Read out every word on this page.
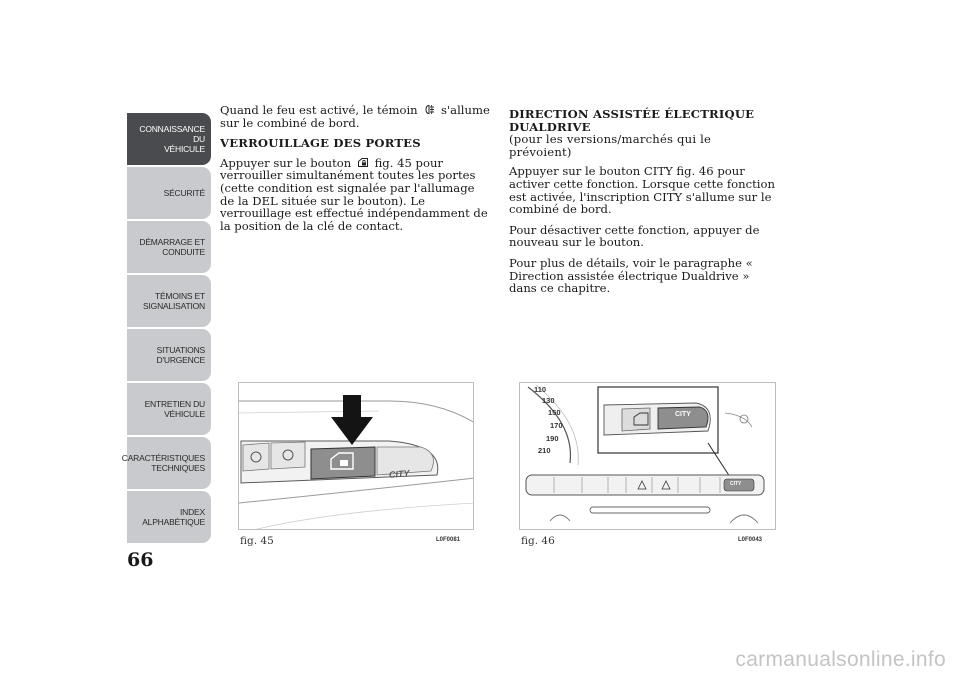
CONNAISSANCE DU
VÉHICULE
SÉCURITÉ
DÉMARRAGE ET
CONDUITE
TÉMOINS ET
SIGNALISATION
SITUATIONS
D'URGENCE
ENTRETIEN DU
VÉHICULE
CARACTÉRISTIQUES
TECHNIQUES
INDEX
ALPHABÉTIQUE
66

Quand le feu est activé, le témoin s'allume sur le combiné de bord.

VERROUILLAGE DES PORTES

Appuyer sur le bouton fig. 45 pour verrouiller simultanément toutes les portes (cette condition est signalée par l'allumage de la DEL située sur le bouton). Le verrouillage est effectué indépendamment de la position de la clé de contact.

DIRECTION ASSISTÉE ÉLECTRIQUE DUALDRIVE
(pour les versions/marchés qui le prévoient)

Appuyer sur le bouton CITY fig. 46 pour activer cette fonction. Lorsque cette fonction est activée, l'inscription CITY s'allume sur le combiné de bord.

Pour désactiver cette fonction, appuyer de nouveau sur le bouton.

Pour plus de détails, voir le paragraphe « Direction assistée électrique Dualdrive » dans ce chapitre.

CITY
fig. 45	L0F0081
CITY
CITY
110
130
150
170
190
210
fig. 46	L0F0043
carmanualsonline.info
